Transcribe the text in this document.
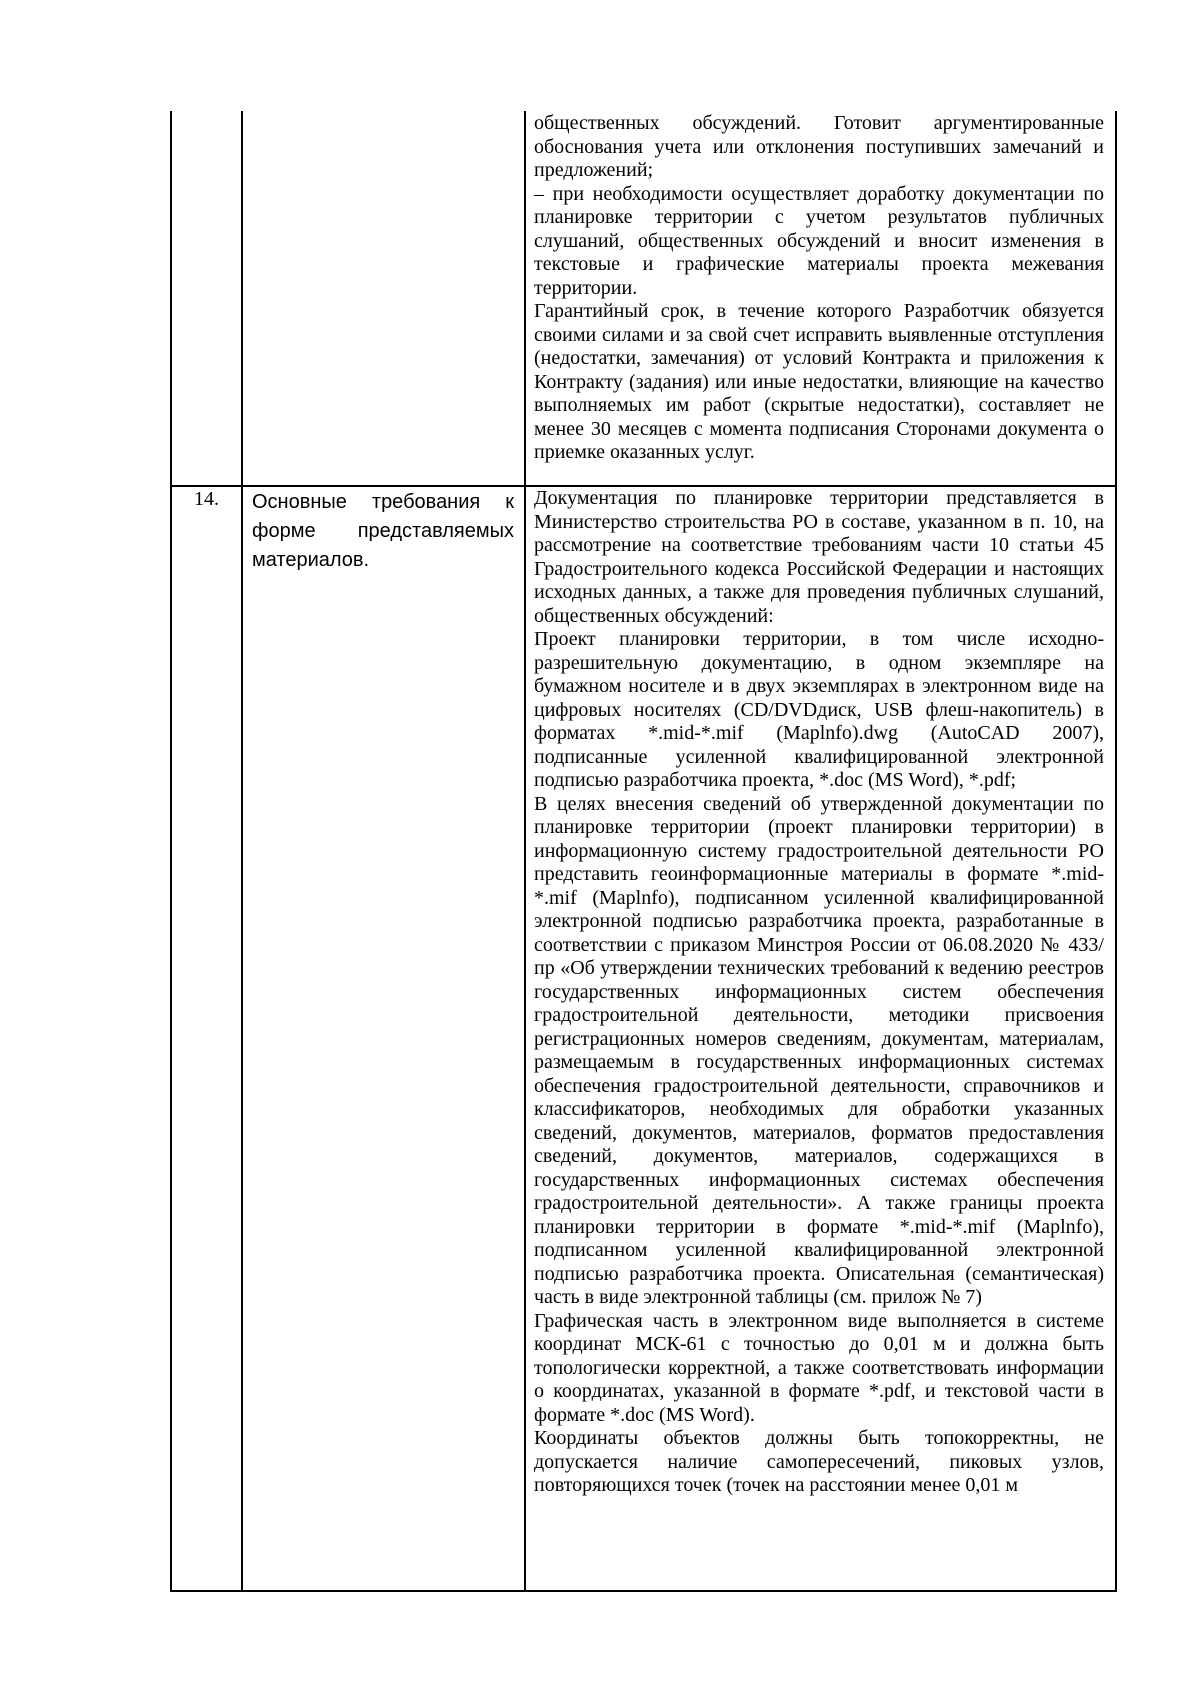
общественных обсуждений. Готовит аргументированные обоснования учета или отклонения поступивших замечаний и предложений;

– при необходимости осуществляет доработку документации по планировке территории с учетом результатов публичных слушаний, общественных обсуждений и вносит изменения в текстовые и графические материалы проекта межевания территории.

Гарантийный срок, в течение которого Разработчик обязуется своими силами и за свой счет исправить выявленные отступления (недостатки, замечания) от условий Контракта и приложения к Контракту (задания) или иные недостатки, влияющие на качество выполняемых им работ (скрытые недостатки), составляет не менее 30 месяцев с момента подписания Сторонами документа о приемке оказанных услуг.

14.	Основные требования к форме представляемых материалов.

Документация по планировке территории представляется в Министерство строительства РО в составе, указанном в п. 10, на рассмотрение на соответствие требованиям части 10 статьи 45 Градостроительного кодекса Российской Федерации и настоящих исходных данных, а также для проведения публичных слушаний, общественных обсуждений:

Проект планировки территории, в том числе исходно-разрешительную документацию, в одном экземпляре на бумажном носителе и в двух экземплярах в электронном виде на цифровых носителях (CD/DVDдиск, USB флеш-накопитель) в форматах *.mid-*.mif (Maplnfo).dwg (AutoCAD 2007), подписанные усиленной квалифицированной электронной подписью разработчика проекта, *.doc (MS Word), *.pdf;

В целях внесения сведений об утвержденной документации по планировке территории (проект планировки территории) в информационную систему градостроительной деятельности РО представить геоинформационные материалы в формате *.mid-*.mif (Maplnfo), подписанном усиленной квалифицированной электронной подписью разработчика проекта, разработанные в соответствии с приказом Минстроя России от 06.08.2020 № 433/пр «Об утверждении технических требований к ведению реестров государственных информационных систем обеспечения градостроительной деятельности, методики присвоения регистрационных номеров сведениям, документам, материалам, размещаемым в государственных информационных системах обеспечения градостроительной деятельности, справочников и классификаторов, необходимых для обработки указанных сведений, документов, материалов, форматов предоставления сведений, документов, материалов, содержащихся в государственных информационных системах обеспечения градостроительной деятельности». А также границы проекта планировки территории в формате *.mid-*.mif (Maplnfo), подписанном усиленной квалифицированной электронной подписью разработчика проекта. Описательная (семантическая) часть в виде электронной таблицы (см. прилож № 7)

Графическая часть в электронном виде выполняется в системе координат МСК-61 с точностью до 0,01 м и должна быть топологически корректной, а также соответствовать информации о координатах, указанной в формате *.pdf, и текстовой части в формате *.doc (MS Word).

Координаты объектов должны быть топокорректны, не допускается наличие самопересечений, пиковых узлов, повторяющихся точек (точек на расстоянии менее 0,01 м
